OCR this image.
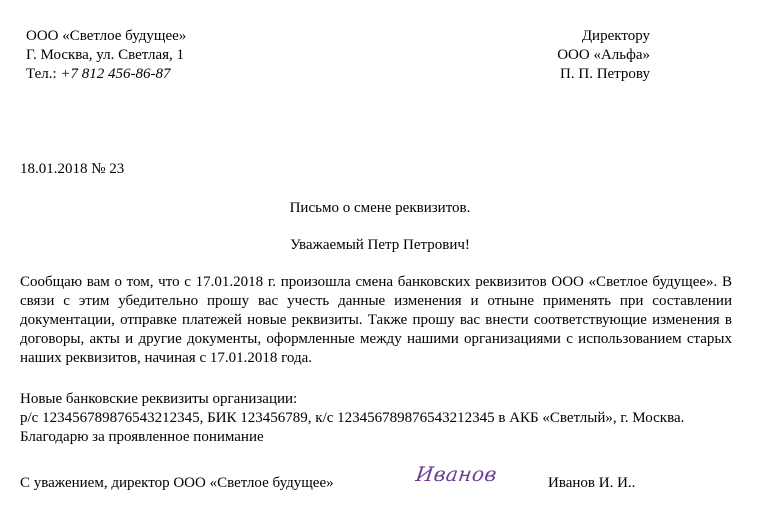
ООО «Светлое будущее»
Г. Москва, ул. Светлая, 1
Тел.: +7 812 456-86-87
Директору
ООО «Альфа»
П. П. Петрову
18.01.2018 № 23
Письмо о смене реквизитов.
Уважаемый Петр Петрович!
Сообщаю вам о том, что с 17.01.2018 г. произошла смена банковских реквизитов ООО «Светлое будущее». В связи с этим убедительно прошу вас учесть данные изменения и отныне применять при составлении документации, отправке платежей новые реквизиты. Также прошу вас внести соответствующие изменения в договоры, акты и другие документы, оформленные между нашими организациями с использованием старых наших реквизитов, начиная с 17.01.2018 года.
Новые банковские реквизиты организации:
р/с 123456789876543212345, БИК 123456789, к/с 123456789876543212345 в АКБ «Светлый», г. Москва.
Благодарю за проявленное понимание
С уважением, директор ООО «Светлое будущее»	Иванов	Иванов И. И..
